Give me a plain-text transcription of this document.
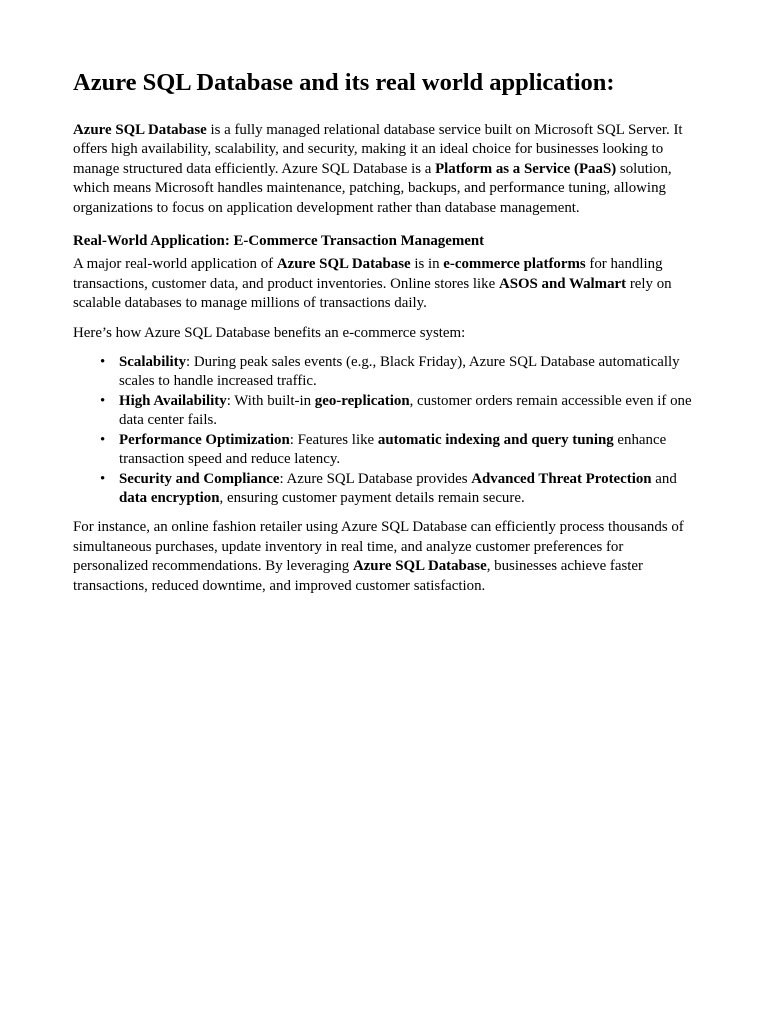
Azure SQL Database and its real world application:

Azure SQL Database is a fully managed relational database service built on Microsoft SQL Server. It offers high availability, scalability, and security, making it an ideal choice for businesses looking to manage structured data efficiently. Azure SQL Database is a Platform as a Service (PaaS) solution, which means Microsoft handles maintenance, patching, backups, and performance tuning, allowing organizations to focus on application development rather than database management.

Real-World Application: E-Commerce Transaction Management

A major real-world application of Azure SQL Database is in e-commerce platforms for handling transactions, customer data, and product inventories. Online stores like ASOS and Walmart rely on scalable databases to manage millions of transactions daily.

Here’s how Azure SQL Database benefits an e-commerce system:

• Scalability: During peak sales events (e.g., Black Friday), Azure SQL Database automatically scales to handle increased traffic.
• High Availability: With built-in geo-replication, customer orders remain accessible even if one data center fails.
• Performance Optimization: Features like automatic indexing and query tuning enhance transaction speed and reduce latency.
• Security and Compliance: Azure SQL Database provides Advanced Threat Protection and data encryption, ensuring customer payment details remain secure.

For instance, an online fashion retailer using Azure SQL Database can efficiently process thousands of simultaneous purchases, update inventory in real time, and analyze customer preferences for personalized recommendations. By leveraging Azure SQL Database, businesses achieve faster transactions, reduced downtime, and improved customer satisfaction.
